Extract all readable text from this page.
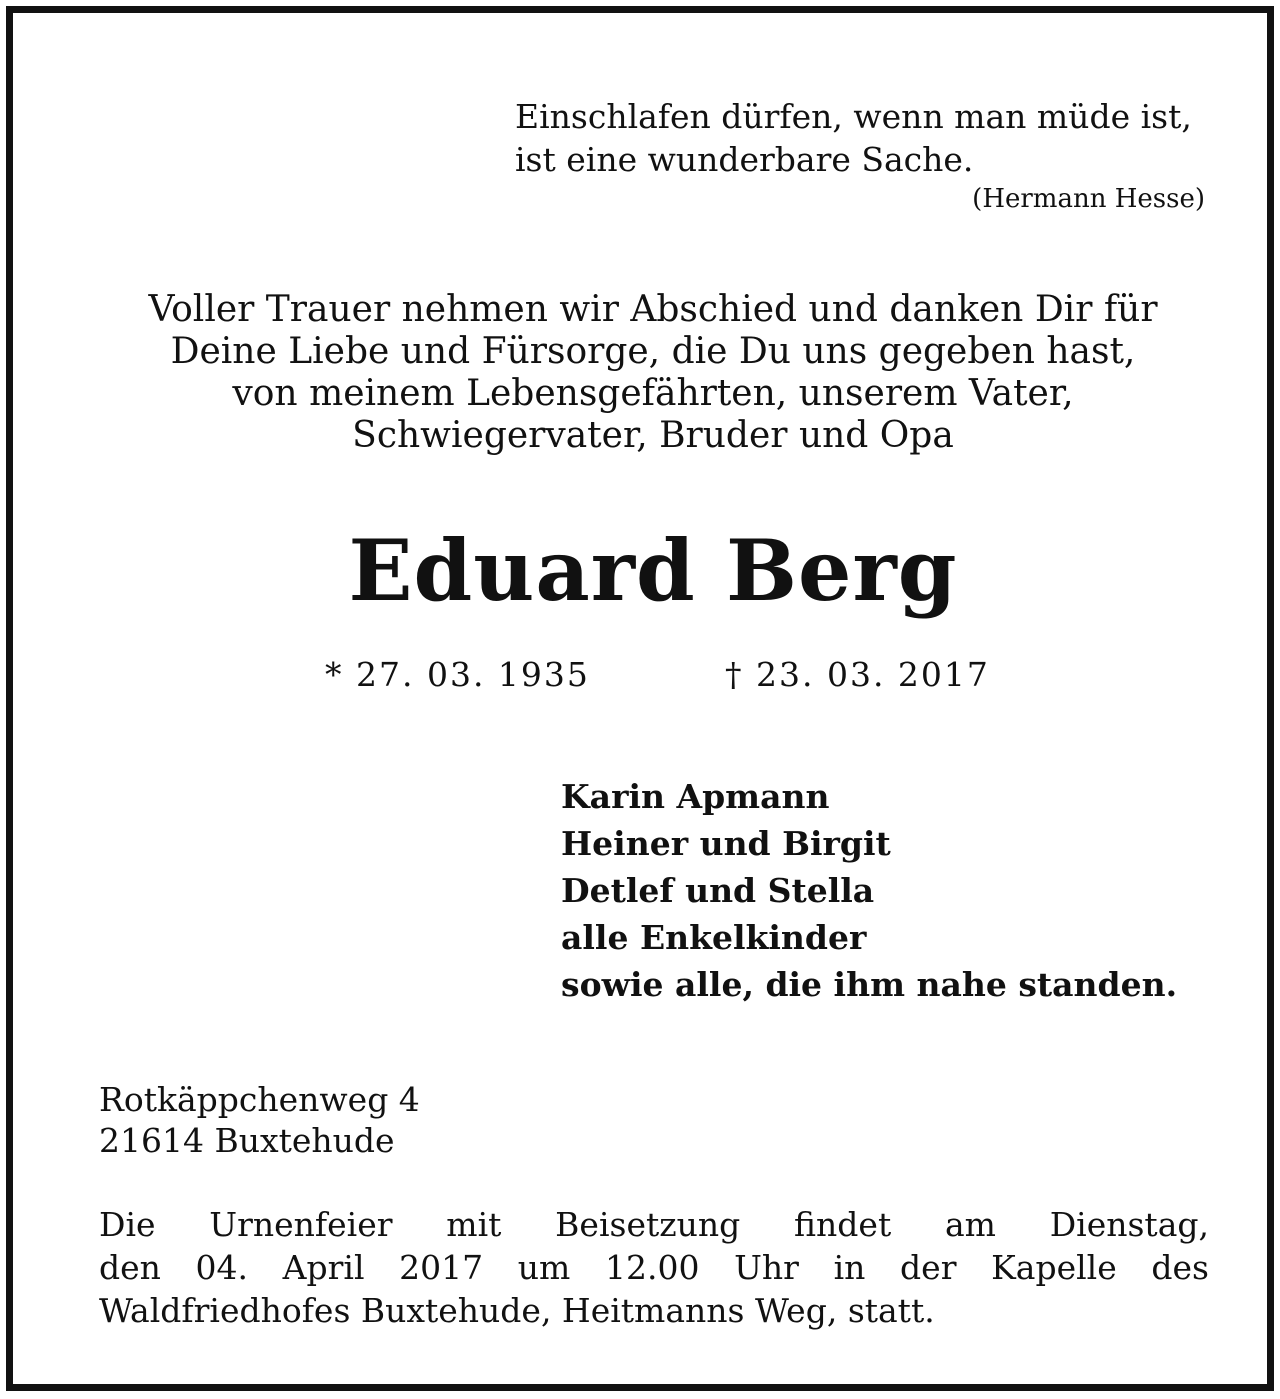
Einschlafen dürfen, wenn man müde ist,
ist eine wunderbare Sache.
(Hermann Hesse)
Voller Trauer nehmen wir Abschied und danken Dir für
Deine Liebe und Fürsorge, die Du uns gegeben hast,
von meinem Lebensgefährten, unserem Vater,
Schwiegervater, Bruder und Opa
Eduard Berg
* 27. 03. 1935	† 23. 03. 2017
Karin Apmann
Heiner und Birgit
Detlef und Stella
alle Enkelkinder
sowie alle, die ihm nahe standen.
Rotkäppchenweg 4
21614 Buxtehude
Die Urnenfeier mit Beisetzung findet am Dienstag,
den 04. April 2017 um 12.00 Uhr in der Kapelle des
Waldfriedhofes Buxtehude, Heitmanns Weg, statt.
